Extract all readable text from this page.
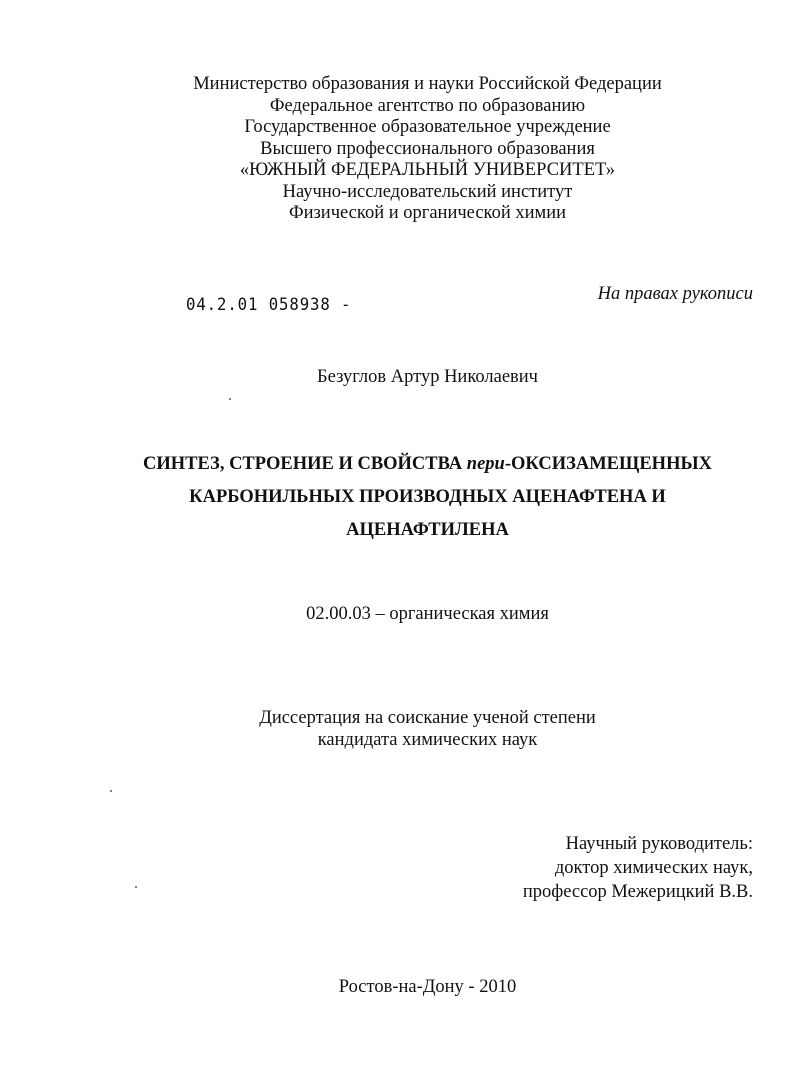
Министерство образования и науки Российской Федерации
Федеральное агентство по образованию
Государственное образовательное учреждение
Высшего профессионального образования
«ЮЖНЫЙ ФЕДЕРАЛЬНЫЙ УНИВЕРСИТЕТ»
Научно-исследовательский институт
Физической и органической химии
04.2.01 058938 -
На правах рукописи
Безуглов Артур Николаевич
СИНТЕЗ, СТРОЕНИЕ И СВОЙСТВА пери-ОКСИЗАМЕЩЕННЫХ
КАРБОНИЛЬНЫХ ПРОИЗВОДНЫХ АЦЕНАФТЕНА И
АЦЕНАФТИЛЕНА
02.00.03 – органическая химия
Диссертация на соискание ученой степени
кандидата химических наук
Научный руководитель:
доктор химических наук,
профессор Межерицкий В.В.
Ростов-на-Дону - 2010
